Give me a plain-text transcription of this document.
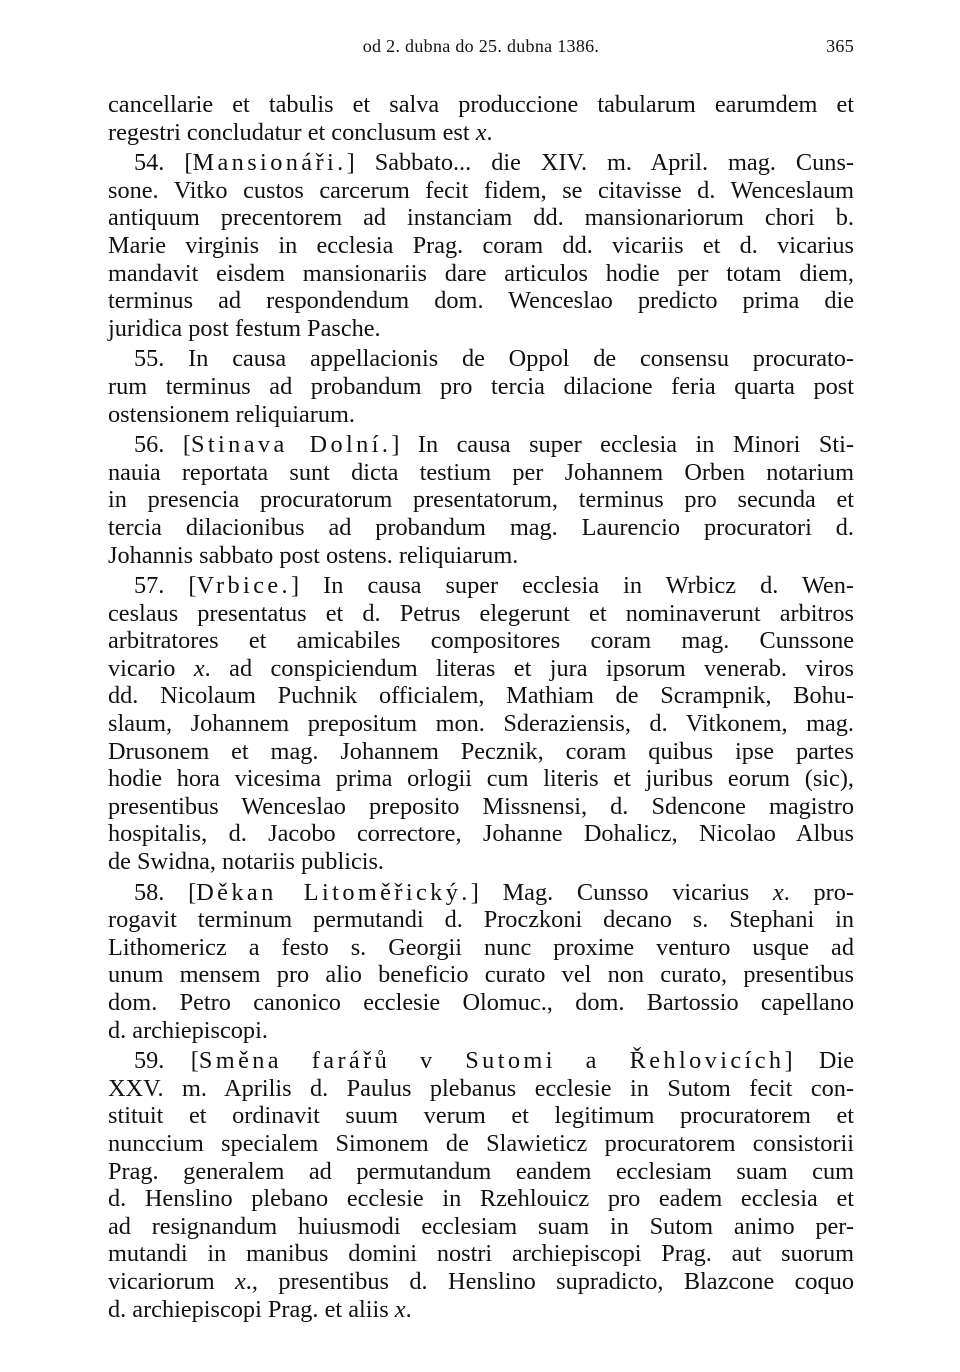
od 2. dubna do 25. dubna 1386.	365
cancellarie et tabulis et salva produccione tabularum earumdem et
regestri concludatur et conclusum est x.
54. [Mansionáři.] Sabbato... die XIV. m. April. mag. Cuns-
sone. Vitko custos carcerum fecit fidem, se citavisse d. Wenceslaum
antiquum precentorem ad instanciam dd. mansionariorum chori b.
Marie virginis in ecclesia Prag. coram dd. vicariis et d. vicarius
mandavit eisdem mansionariis dare articulos hodie per totam diem,
terminus ad respondendum dom. Wenceslao predicto prima die
juridica post festum Pasche.
55. In causa appellacionis de Oppol de consensu procurato-
rum terminus ad probandum pro tercia dilacione feria quarta post
ostensionem reliquiarum.
56. [Stinava Dolní.] In causa super ecclesia in Minori Sti-
nauia reportata sunt dicta testium per Johannem Orben notarium
in presencia procuratorum presentatorum, terminus pro secunda et
tercia dilacionibus ad probandum mag. Laurencio procuratori d.
Johannis sabbato post ostens. reliquiarum.
57. [Vrbice.] In causa super ecclesia in Wrbicz d. Wen-
ceslaus presentatus et d. Petrus elegerunt et nominaverunt arbitros
arbitratores et amicabiles compositores coram mag. Cunssone
vicario x. ad conspiciendum literas et jura ipsorum venerab. viros
dd. Nicolaum Puchnik officialem, Mathiam de Scrampnik, Bohu-
slaum, Johannem prepositum mon. Sderaziensis, d. Vitkonem, mag.
Drusonem et mag. Johannem Pecznik, coram quibus ipse partes
hodie hora vicesima prima orlogii cum literis et juribus eorum (sic),
presentibus Wenceslao preposito Missnensi, d. Sdencone magistro
hospitalis, d. Jacobo correctore, Johanne Dohalicz, Nicolao Albus
de Swidna, notariis publicis.
58. [Děkan Litoměřický.] Mag. Cunsso vicarius x. pro-
rogavit terminum permutandi d. Proczkoni decano s. Stephani in
Lithomericz a festo s. Georgii nunc proxime venturo usque ad
unum mensem pro alio beneficio curato vel non curato, presentibus
dom. Petro canonico ecclesie Olomuc., dom. Bartossio capellano
d. archiepiscopi.
59. [Směna farářů v Sutomi a Řehlovicích] Die
XXV. m. Aprilis d. Paulus plebanus ecclesie in Sutom fecit con-
stituit et ordinavit suum verum et legitimum procuratorem et
nunccium specialem Simonem de Slawieticz procuratorem consistorii
Prag. generalem ad permutandum eandem ecclesiam suam cum
d. Henslino plebano ecclesie in Rzehlouicz pro eadem ecclesia et
ad resignandum huiusmodi ecclesiam suam in Sutom animo per-
mutandi in manibus domini nostri archiepiscopi Prag. aut suorum
vicariorum x., presentibus d. Henslino supradicto, Blazcone coquo
d. archiepiscopi Prag. et aliis x.
